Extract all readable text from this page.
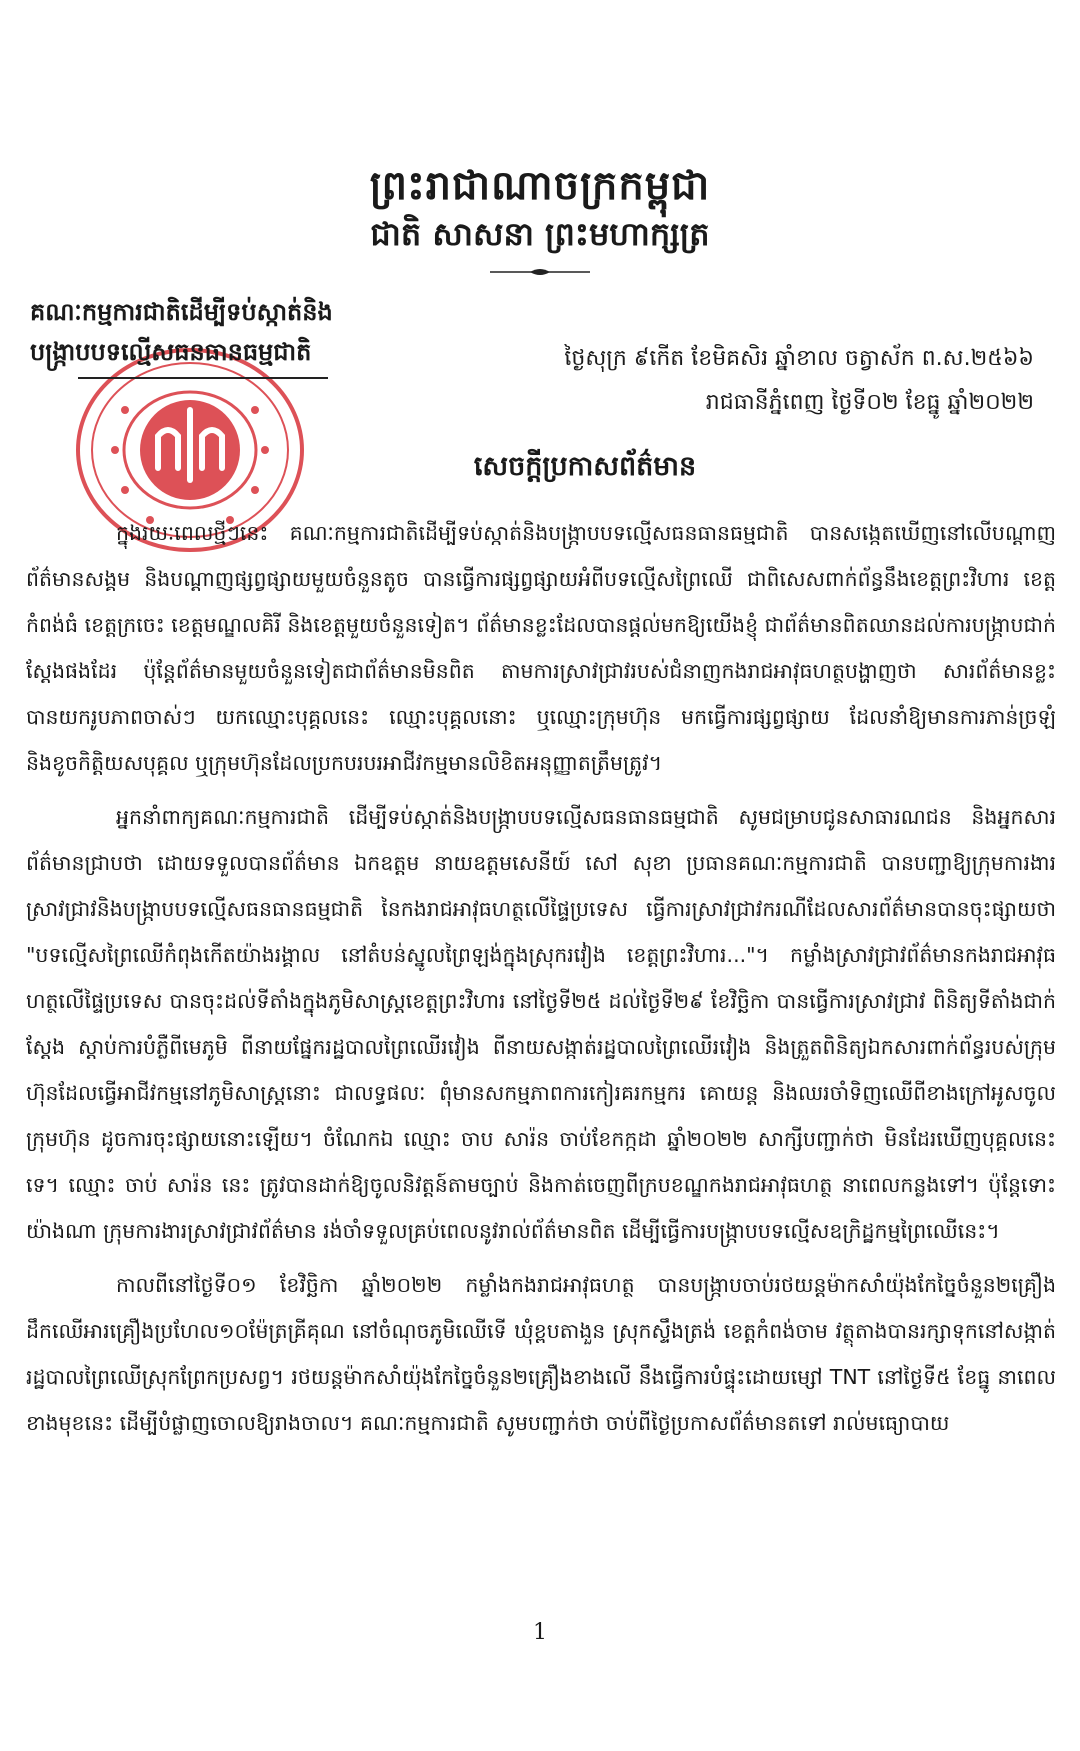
ព្រះរាជាណាចក្រកម្ពុជា
ជាតិ សាសនា ព្រះមហាក្សត្រ
គណៈកម្មការជាតិដើម្បីទប់ស្កាត់និង
បង្ក្រាបបទល្មើសធនធានធម្មជាតិ	ថ្ងៃសុក្រ ៩កើត ខែមិគសិរ ឆ្នាំខាល ចត្វាស័ក ព.ស.២៥៦៦
រាជធានីភ្នំពេញ ថ្ងៃទី០២ ខែធ្នូ ឆ្នាំ២០២២
សេចក្តីប្រកាសព័ត៌មាន

ក្នុងរយៈពេលថ្មីៗនេះ គណៈកម្មការជាតិដើម្បីទប់ស្កាត់និងបង្ក្រាបបទល្មើសធនធានធម្មជាតិ បានសង្កេតឃើញនៅលើបណ្តាញព័ត៌មានសង្គម និងបណ្តាញផ្សព្វផ្សាយមួយចំនួនតូច បានធ្វើការផ្សព្វផ្សាយអំពីបទល្មើសព្រៃឈើ ជាពិសេសពាក់ព័ន្ធនឹងខេត្តព្រះវិហារ ខេត្តកំពង់ធំ ខេត្តក្រចេះ ខេត្តមណ្ឌលគិរី និងខេត្តមួយចំនួនទៀត។ ព័ត៌មានខ្លះដែលបានផ្តល់មកឱ្យយើងខ្ញុំ ជាព័ត៌មានពិតឈានដល់ការបង្ក្រាបជាក់ស្តែងផងដែរ ប៉ុន្តែព័ត៌មានមួយចំនួនទៀតជាព័ត៌មានមិនពិត តាមការស្រាវជ្រាវរបស់ជំនាញកងរាជអាវុធហត្ថបង្ហាញថា សារព័ត៌មានខ្លះបានយករូបភាពចាស់ៗ យកឈ្មោះបុគ្គលនេះ ឈ្មោះបុគ្គលនោះ ឬឈ្មោះក្រុមហ៊ុន មកធ្វើការផ្សព្វផ្សាយ ដែលនាំឱ្យមានការភាន់ច្រឡំ និងខូចកិត្តិយសបុគ្គល ឬក្រុមហ៊ុនដែលប្រកបរបរអាជីវកម្មមានលិខិតអនុញ្ញាតត្រឹមត្រូវ។

អ្នកនាំពាក្យគណៈកម្មការជាតិ ដើម្បីទប់ស្កាត់និងបង្ក្រាបបទល្មើសធនធានធម្មជាតិ សូមជម្រាបជូនសាធារណជន និងអ្នកសារព័ត៌មានជ្រាបថា ដោយទទួលបានព័ត៌មាន ឯកឧត្តម នាយឧត្តមសេនីយ៍ សៅ សុខា ប្រធានគណៈកម្មការជាតិ បានបញ្ជាឱ្យក្រុមការងារស្រាវជ្រាវនិងបង្ក្រាបបទល្មើសធនធានធម្មជាតិ នៃកងរាជអាវុធហត្ថលើផ្ទៃប្រទេស ធ្វើការស្រាវជ្រាវករណីដែលសារព័ត៌មានបានចុះផ្សាយថា "បទល្មើសព្រៃឈើកំពុងកើតយ៉ាងរង្គាល នៅតំបន់ស្នូលព្រៃឡង់ក្នុងស្រុករវៀង ខេត្តព្រះវិហារ..."។ កម្លាំងស្រាវជ្រាវព័ត៌មានកងរាជអាវុធហត្ថលើផ្ទៃប្រទេស បានចុះដល់ទីតាំងក្នុងភូមិសាស្ត្រខេត្តព្រះវិហារ នៅថ្ងៃទី២៥ ដល់ថ្ងៃទី២៩ ខែវិច្ឆិកា បានធ្វើការស្រាវជ្រាវ ពិនិត្យទីតាំងជាក់ស្តែង ស្តាប់ការបំភ្លឺពីមេភូមិ ពីនាយផ្នែករដ្ឋបាលព្រៃឈើរវៀង ពីនាយសង្កាត់រដ្ឋបាលព្រៃឈើរវៀង និងត្រួតពិនិត្យឯកសារពាក់ព័ន្ធរបស់ក្រុមហ៊ុនដែលធ្វើអាជីវកម្មនៅភូមិសាស្ត្រនោះ ជាលទ្ធផលៈ ពុំមានសកម្មភាពការកៀរគរកម្មករ គោយន្ត និងឈរចាំទិញឈើពីខាងក្រៅអូសចូលក្រុមហ៊ុន ដូចការចុះផ្សាយនោះឡើយ។ ចំណែកឯ ឈ្មោះ ចាប សារ៉ន ចាប់ខែកក្កដា ឆ្នាំ២០២២ សាក្សីបញ្ជាក់ថា មិនដែរឃើញបុគ្គលនេះទេ។ ឈ្មោះ ចាប់ សារ៉ន នេះ ត្រូវបានដាក់ឱ្យចូលនិវត្តន៍តាមច្បាប់ និងកាត់ចេញពីក្របខណ្ឌកងរាជអាវុធហត្ថ នាពេលកន្លងទៅ។ ប៉ុន្តែទោះយ៉ាងណា ក្រុមការងារស្រាវជ្រាវព័ត៌មាន រង់ចាំទទួលគ្រប់ពេលនូវរាល់ព័ត៌មានពិត ដើម្បីធ្វើការបង្ក្រាបបទល្មើសឧក្រិដ្ឋកម្មព្រៃឈើនេះ។

កាលពីនៅថ្ងៃទី០១ ខែវិច្ឆិកា ឆ្នាំ២០២២ កម្លាំងកងរាជអាវុធហត្ថ បានបង្ក្រាបចាប់រថយន្តម៉ាកសាំយ៉ុងកែច្នៃចំនួន២គ្រឿង ដឹកឈើអារគ្រឿងប្រហែល១០ម៉ែត្រគ្រីគុណ នៅចំណុចភូមិឈើទើ ឃុំខ្ពបតាងួន ស្រុកស្ទឹងត្រង់ ខេត្តកំពង់ចាម វត្ថុតាងបានរក្សាទុកនៅសង្កាត់រដ្ឋបាលព្រៃឈើស្រុកព្រែកប្រសព្វ។ រថយន្តម៉ាកសាំយ៉ុងកែច្នៃចំនួន២គ្រឿងខាងលើ នឹងធ្វើការបំផ្ទុះដោយម្សៅ TNT នៅថ្ងៃទី៥ ខែធ្នូ នាពេលខាងមុខនេះ ដើម្បីបំផ្លាញចោលឱ្យរាងចាល។ គណៈកម្មការជាតិ សូមបញ្ជាក់ថា ចាប់ពីថ្ងៃប្រកាសព័ត៌មានតទៅ រាល់មធ្យោបាយ

1
